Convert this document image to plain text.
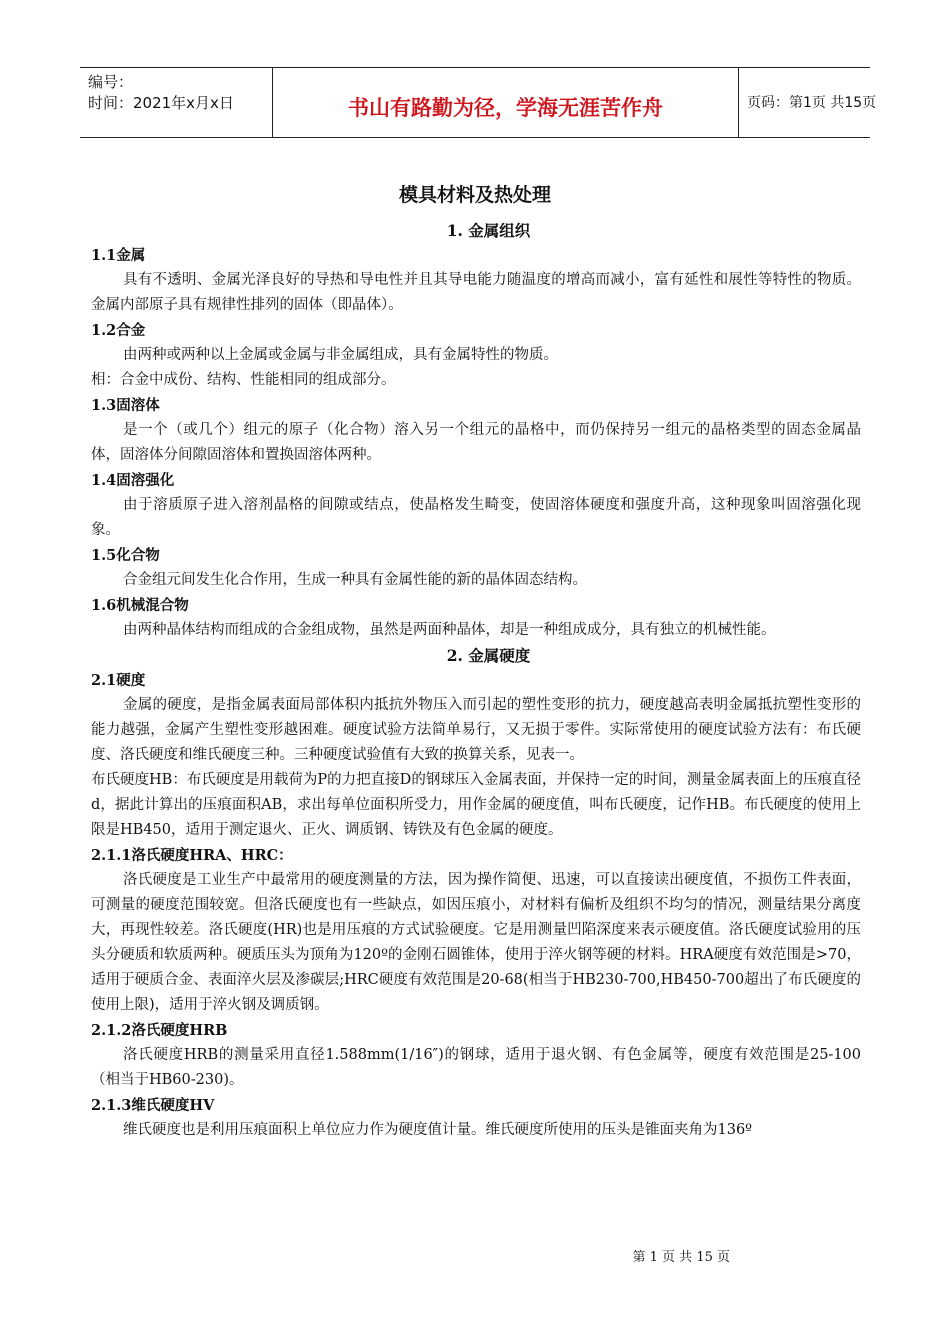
编号：
时间：2021年x月x日	书山有路勤为径，学海无涯苦作舟	页码：第1页 共15页
模具材料及热处理
1. 金属组织
1.1金属

具有不透明、金属光泽良好的导热和导电性并且其导电能力随温度的增高而减小，富有延性和展性等特性的物质。金属内部原子具有规律性排列的固体（即晶体）。

1.2合金

由两种或两种以上金属或金属与非金属组成，具有金属特性的物质。

相：合金中成份、结构、性能相同的组成部分。

1.3固溶体

是一个（或几个）组元的原子（化合物）溶入另一个组元的晶格中，而仍保持另一组元的晶格类型的固态金属晶体，固溶体分间隙固溶体和置换固溶体两种。

1.4固溶强化

由于溶质原子进入溶剂晶格的间隙或结点，使晶格发生畸变，使固溶体硬度和强度升高，这种现象叫固溶强化现象。

1.5化合物

合金组元间发生化合作用，生成一种具有金属性能的新的晶体固态结构。

1.6机械混合物

由两种晶体结构而组成的合金组成物，虽然是两面种晶体，却是一种组成成分，具有独立的机械性能。

2. 金属硬度
2.1硬度

金属的硬度，是指金属表面局部体积内抵抗外物压入而引起的塑性变形的抗力，硬度越高表明金属抵抗塑性变形的能力越强，金属产生塑性变形越困难。硬度试验方法简单易行，又无损于零件。实际常使用的硬度试验方法有：布氏硬度、洛氏硬度和维氏硬度三种。三种硬度试验值有大致的换算关系，见表一。

布氏硬度HB：布氏硬度是用载荷为P的力把直接D的钢球压入金属表面，并保持一定的时间，测量金属表面上的压痕直径d，据此计算出的压痕面积AB，求出每单位面积所受力，用作金属的硬度值，叫布氏硬度，记作HB。布氏硬度的使用上限是HB450，适用于测定退火、正火、调质钢、铸铁及有色金属的硬度。

2.1.1洛氏硬度HRA、HRC：

洛氏硬度是工业生产中最常用的硬度测量的方法，因为操作简便、迅速，可以直接读出硬度值，不损伤工件表面，可测量的硬度范围较宽。但洛氏硬度也有一些缺点，如因压痕小，对材料有偏析及组织不均匀的情况，测量结果分离度大，再现性较差。洛氏硬度(HR)也是用压痕的方式试验硬度。它是用测量凹陷深度来表示硬度值。洛氏硬度试验用的压头分硬质和软质两种。硬质压头为顶角为120º的金刚石圆锥体，使用于淬火钢等硬的材料。HRA硬度有效范围是>70，适用于硬质合金、表面淬火层及渗碳层;HRC硬度有效范围是20-68(相当于HB230-700,HB450-700超出了布氏硬度的使用上限)，适用于淬火钢及调质钢。

2.1.2洛氏硬度HRB

洛氏硬度HRB的测量采用直径1.588mm(1/16″)的钢球，适用于退火钢、有色金属等，硬度有效范围是25-100（相当于HB60-230)。

2.1.3维氏硬度HV

维氏硬度也是利用压痕面积上单位应力作为硬度值计量。维氏硬度所使用的压头是锥面夹角为136º

第 1 页 共 15 页
